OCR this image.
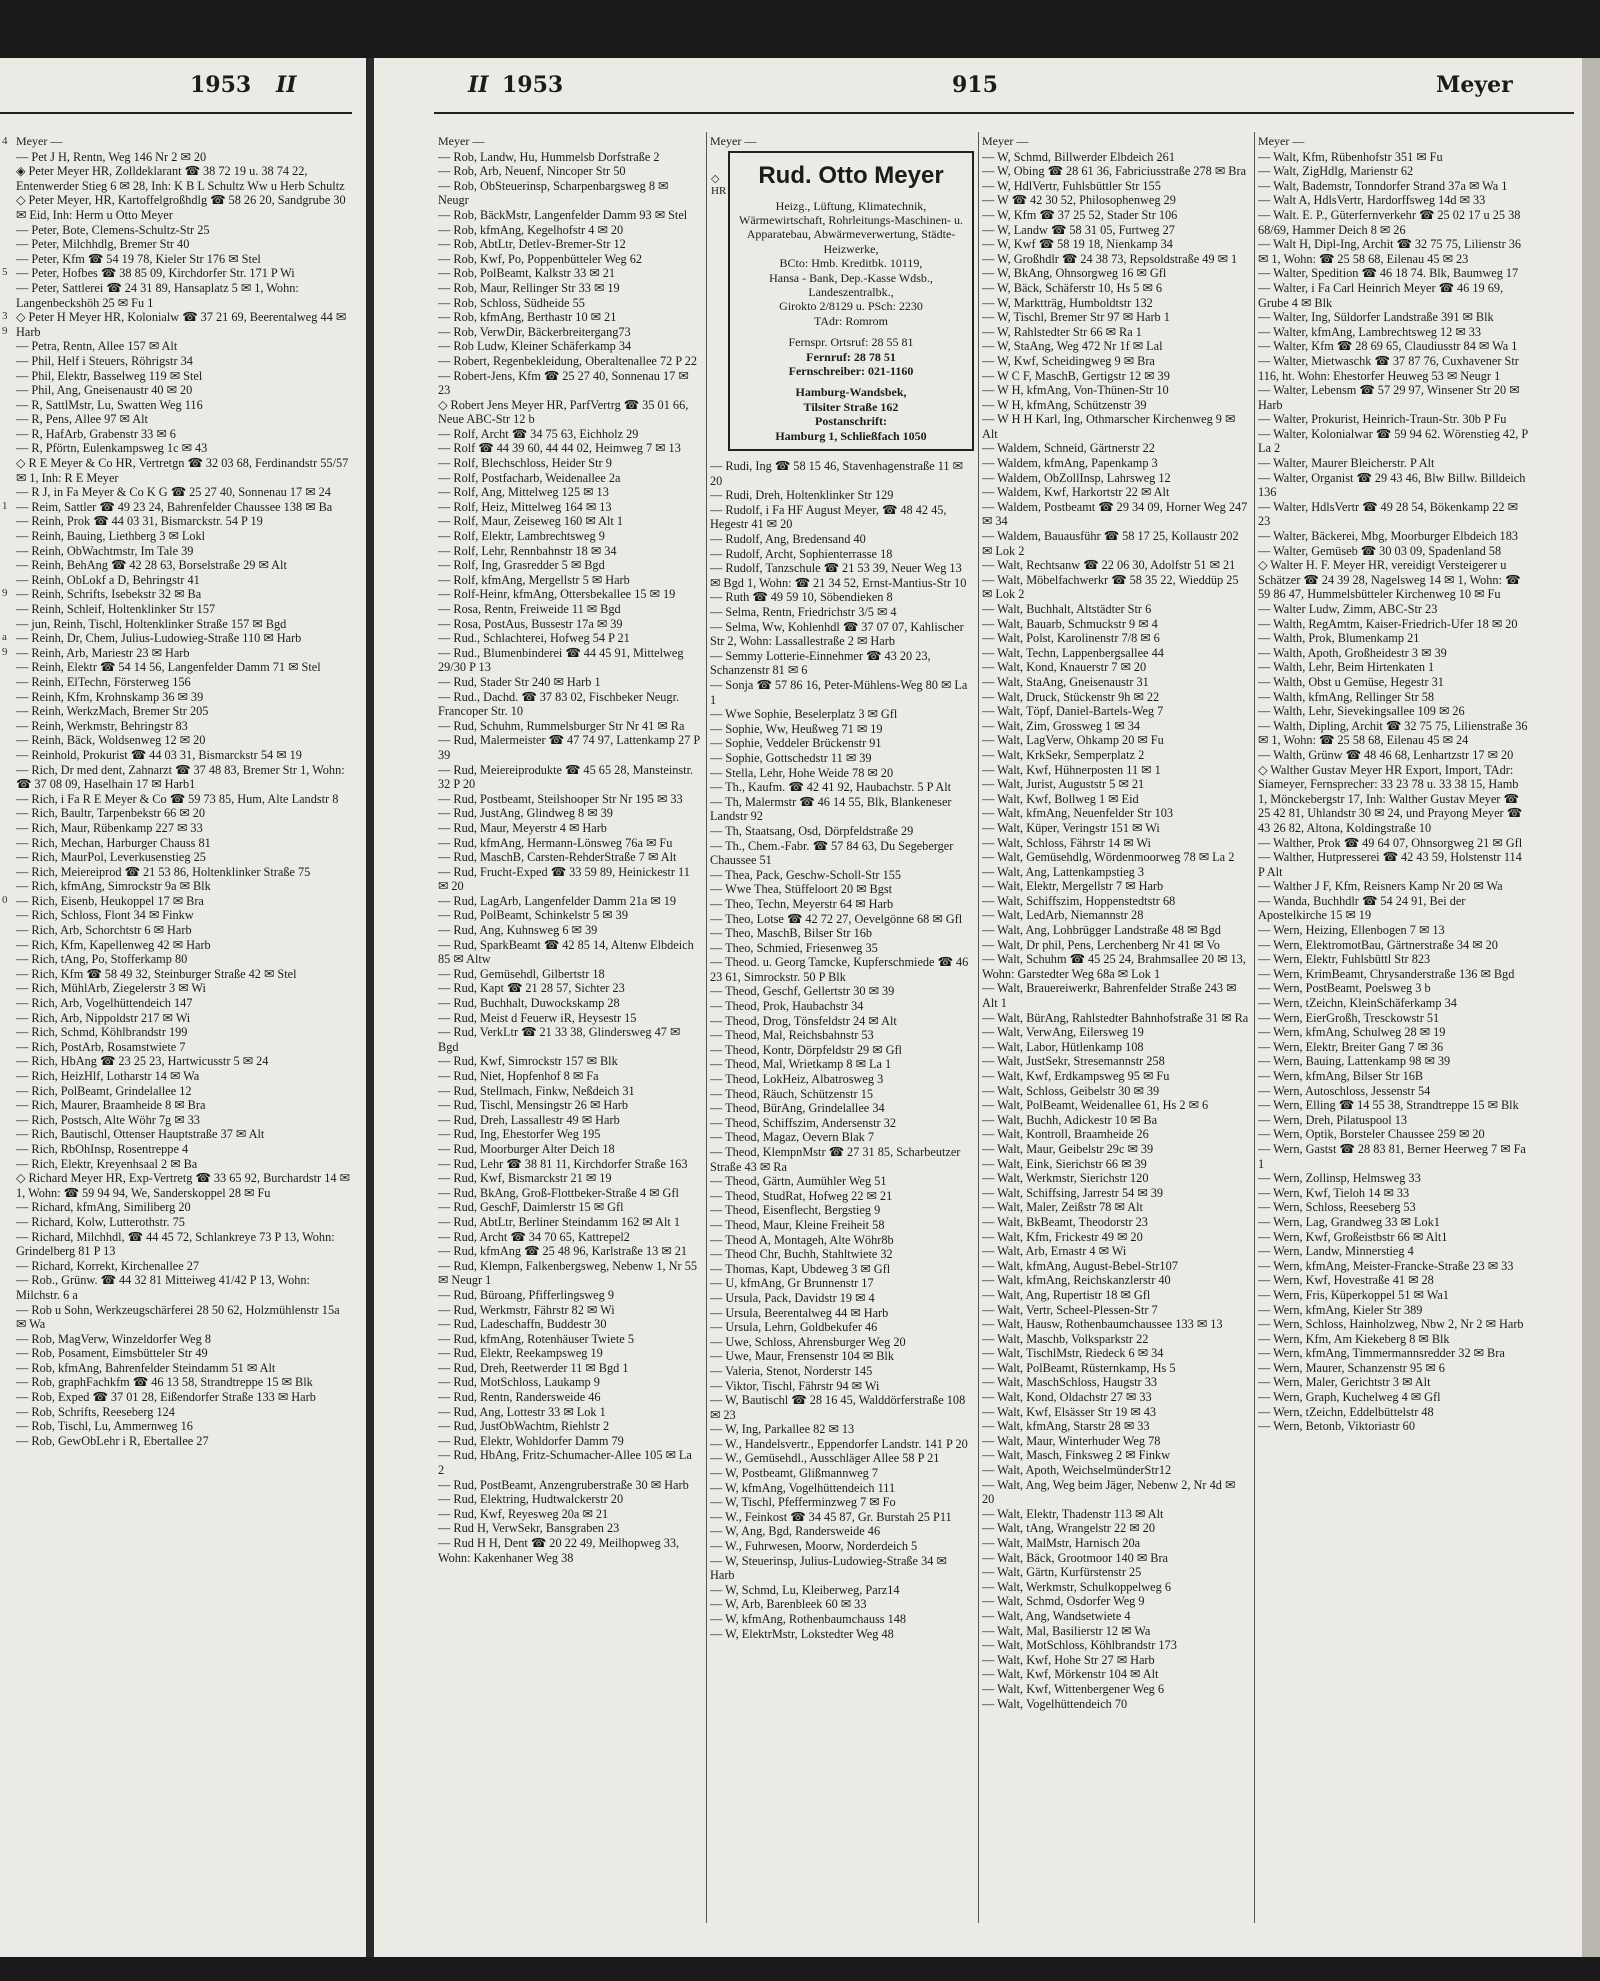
1953 II
4
5
3
9
1
9
a
9
0
Meyer —
— Pet J H, Rentn, Weg 146 Nr 2 ✉ 20
◈ Peter Meyer HR, Zolldeklarant ☎ 38 72 19 u. 38 74 22, Entenwerder Stieg 6 ✉ 28, Inh: K B L Schultz Ww u Herb Schultz
◇ Peter Meyer, HR, Kartoffelgroßhdlg ☎ 58 26 20, Sandgrube 30 ✉ Eid, Inh: Herm u Otto Meyer
— Peter, Bote, Clemens-Schultz-Str 25
— Peter, Milchhdlg, Bremer Str 40
— Peter, Kfm ☎ 54 19 78, Kieler Str 176 ✉ Stel
— Peter, Hofbes ☎ 38 85 09, Kirchdorfer Str. 171 P Wi
— Peter, Sattlerei ☎ 24 31 89, Hansaplatz 5 ✉ 1, Wohn: Langenbeckshöh 25 ✉ Fu 1
◇ Peter H Meyer HR, Kolonialw ☎ 37 21 69, Beerentalweg 44 ✉ Harb
— Petra, Rentn, Allee 157 ✉ Alt
— Phil, Helf i Steuers, Röhrigstr 34
— Phil, Elektr, Basselweg 119 ✉ Stel
— Phil, Ang, Gneisenaustr 40 ✉ 20
— R, SattlMstr, Lu, Swatten Weg 116
— R, Pens, Allee 97 ✉ Alt
— R, HafArb, Grabenstr 33 ✉ 6
— R, Pförtn, Eulenkampsweg 1c ✉ 43
◇ R E Meyer & Co HR, Vertretgn ☎ 32 03 68, Ferdinandstr 55/57 ✉ 1, Inh: R E Meyer
— R J, in Fa Meyer & Co K G ☎ 25 27 40, Sonnenau 17 ✉ 24
— Reim, Sattler ☎ 49 23 24, Bahrenfelder Chaussee 138 ✉ Ba
— Reinh, Prok ☎ 44 03 31, Bismarckstr. 54 P 19
— Reinh, Bauing, Liethberg 3 ✉ Lokl
— Reinh, ObWachtmstr, Im Tale 39
— Reinh, BehAng ☎ 42 28 63, Borselstraße 29 ✉ Alt
— Reinh, ObLokf a D, Behringstr 41
— Reinh, Schrifts, Isebekstr 32 ✉ Ba
— Reinh, Schleif, Holtenklinker Str 157
— jun, Reinh, Tischl, Holtenklinker Straße 157 ✉ Bgd
— Reinh, Dr, Chem, Julius-Ludowieg-Straße 110 ✉ Harb
— Reinh, Arb, Mariestr 23 ✉ Harb
— Reinh, Elektr ☎ 54 14 56, Langenfelder Damm 71 ✉ Stel
— Reinh, ElTechn, Försterweg 156
— Reinh, Kfm, Krohnskamp 36 ✉ 39
— Reinh, WerkzMach, Bremer Str 205
— Reinh, Werkmstr, Behringstr 83
— Reinh, Bäck, Woldsenweg 12 ✉ 20
— Reinhold, Prokurist ☎ 44 03 31, Bismarckstr 54 ✉ 19
— Rich, Dr med dent, Zahnarzt ☎ 37 48 83, Bremer Str 1, Wohn: ☎ 37 08 09, Haselhain 17 ✉ Harb1
— Rich, i Fa R E Meyer & Co ☎ 59 73 85, Hum, Alte Landstr 8
— Rich, Baultr, Tarpenbekstr 66 ✉ 20
— Rich, Maur, Rübenkamp 227 ✉ 33
— Rich, Mechan, Harburger Chauss 81
— Rich, MaurPol, Leverkusenstieg 25
— Rich, Meiereiprod ☎ 21 53 86, Holtenklinker Straße 75
— Rich, kfmAng, Simrockstr 9a ✉ Blk
— Rich, Eisenb, Heukoppel 17 ✉ Bra
— Rich, Schloss, Flont 34 ✉ Finkw
— Rich, Arb, Schorchtstr 6 ✉ Harb
— Rich, Kfm, Kapellenweg 42 ✉ Harb
— Rich, tAng, Po, Stofferkamp 80
— Rich, Kfm ☎ 58 49 32, Steinburger Straße 42 ✉ Stel
— Rich, MühlArb, Ziegelerstr 3 ✉ Wi
— Rich, Arb, Vogelhüttendeich 147
— Rich, Arb, Nippoldstr 217 ✉ Wi
— Rich, Schmd, Köhlbrandstr 199
— Rich, PostArb, Rosamstwiete 7
— Rich, HbAng ☎ 23 25 23, Hartwicusstr 5 ✉ 24
— Rich, HeizHlf, Lotharstr 14 ✉ Wa
— Rich, PolBeamt, Grindelallee 12
— Rich, Maurer, Braamheide 8 ✉ Bra
— Rich, Postsch, Alte Wöhr 7g ✉ 33
— Rich, Bautischl, Ottenser Hauptstraße 37 ✉ Alt
— Rich, RbOhInsp, Rosentreppe 4
— Rich, Elektr, Kreyenhsaal 2 ✉ Ba
◇ Richard Meyer HR, Exp-Vertretg ☎ 33 65 92, Burchardstr 14 ✉ 1, Wohn: ☎ 59 94 94, We, Sanderskoppel 28 ✉ Fu
— Richard, kfmAng, Similiberg 20
— Richard, Kolw, Lutterothstr. 75
— Richard, Milchhdl, ☎ 44 45 72, Schlankreye 73 P 13, Wohn: Grindelberg 81 P 13
— Richard, Korrekt, Kirchenallee 27
— Rob., Grünw. ☎ 44 32 81 Mitteiweg 41/42 P 13, Wohn: Milchstr. 6 a
— Rob u Sohn, Werkzeugschärferei 28 50 62, Holzmühlenstr 15a ✉ Wa
— Rob, MagVerw, Winzeldorfer Weg 8
— Rob, Posament, Eimsbütteler Str 49
— Rob, kfmAng, Bahrenfelder Steindamm 51 ✉ Alt
— Rob, graphFachkfm ☎ 46 13 58, Strandtreppe 15 ✉ Blk
— Rob, Exped ☎ 37 01 28, Eißendorfer Straße 133 ✉ Harb
— Rob, Schrifts, Reeseberg 124
— Rob, Tischl, Lu, Ammernweg 16
— Rob, GewObLehr i R, Ebertallee 27
II 1953	915	Meyer
Meyer —
— Rob, Landw, Hu, Hummelsb Dorfstraße 2
— Rob, Arb, Neuenf, Nincoper Str 50
— Rob, ObSteuerinsp, Scharpenbargsweg 8 ✉ Neugr
— Rob, BäckMstr, Langenfelder Damm 93 ✉ Stel
— Rob, kfmAng, Kegelhofstr 4 ✉ 20
— Rob, AbtLtr, Detlev-Bremer-Str 12
— Rob, Kwf, Po, Poppenbütteler Weg 62
— Rob, PolBeamt, Kalkstr 33 ✉ 21
— Rob, Maur, Rellinger Str 33 ✉ 19
— Rob, Schloss, Südheide 55
— Rob, kfmAng, Berthastr 10 ✉ 21
— Rob, VerwDir, Bäckerbreitergang73
— Rob Ludw, Kleiner Schäferkamp 34
— Robert, Regenbekleidung, Oberaltenallee 72 P 22
— Robert-Jens, Kfm ☎ 25 27 40, Sonnenau 17 ✉ 23
◇ Robert Jens Meyer HR, ParfVertrg ☎ 35 01 66, Neue ABC-Str 12 b
— Rolf, Archt ☎ 34 75 63, Eichholz 29
— Rolf ☎ 44 39 60, 44 44 02, Heimweg 7 ✉ 13
— Rolf, Blechschloss, Heider Str 9
— Rolf, Postfacharb, Weidenallee 2a
— Rolf, Ang, Mittelweg 125 ✉ 13
— Rolf, Heiz, Mittelweg 164 ✉ 13
— Rolf, Maur, Zeiseweg 160 ✉ Alt 1
— Rolf, Elektr, Lambrechtsweg 9
— Rolf, Lehr, Rennbahnstr 18 ✉ 34
— Rolf, Ing, Grasredder 5 ✉ Bgd
— Rolf, kfmAng, Mergellstr 5 ✉ Harb
— Rolf-Heinr, kfmAng, Ottersbekallee 15 ✉ 19
— Rosa, Rentn, Freiweide 11 ✉ Bgd
— Rosa, PostAus, Bussestr 17a ✉ 39
— Rud., Schlachterei, Hofweg 54 P 21
— Rud., Blumenbinderei ☎ 44 45 91, Mittelweg 29/30 P 13
— Rud, Stader Str 240 ✉ Harb 1
— Rud., Dachd. ☎ 37 83 02, Fischbeker Neugr. Francoper Str. 10
— Rud, Schuhm, Rummelsburger Str Nr 41 ✉ Ra
— Rud, Malermeister ☎ 47 74 97, Lattenkamp 27 P 39
— Rud, Meiereiprodukte ☎ 45 65 28, Mansteinstr. 32 P 20
— Rud, Postbeamt, Steilshooper Str Nr 195 ✉ 33
— Rud, JustAng, Glindweg 8 ✉ 39
— Rud, Maur, Meyerstr 4 ✉ Harb
— Rud, kfmAng, Hermann-Lönsweg 76a ✉ Fu
— Rud, MaschB, Carsten-RehderStraße 7 ✉ Alt
— Rud, Frucht-Exped ☎ 33 59 89, Heinickestr 11 ✉ 20
— Rud, LagArb, Langenfelder Damm 21a ✉ 19
— Rud, PolBeamt, Schinkelstr 5 ✉ 39
— Rud, Ang, Kuhnsweg 6 ✉ 39
— Rud, SparkBeamt ☎ 42 85 14, Altenw Elbdeich 85 ✉ Altw
— Rud, Gemüsehdl, Gilbertstr 18
— Rud, Kapt ☎ 21 28 57, Sichter 23
— Rud, Buchhalt, Duwockskamp 28
— Rud, Meist d Feuerw iR, Heysestr 15
— Rud, VerkLtr ☎ 21 33 38, Glindersweg 47 ✉ Bgd
— Rud, Kwf, Simrockstr 157 ✉ Blk
— Rud, Niet, Hopfenhof 8 ✉ Fa
— Rud, Stellmach, Finkw, Neßdeich 31
— Rud, Tischl, Mensingstr 26 ✉ Harb
— Rud, Dreh, Lassallestr 49 ✉ Harb
— Rud, Ing, Ehestorfer Weg 195
— Rud, Moorburger Alter Deich 18
— Rud, Lehr ☎ 38 81 11, Kirchdorfer Straße 163
— Rud, Kwf, Bismarckstr 21 ✉ 19
— Rud, BkAng, Groß-Flottbeker-Straße 4 ✉ Gfl
— Rud, GeschF, Daimlerstr 15 ✉ Gfl
— Rud, AbtLtr, Berliner Steindamm 162 ✉ Alt 1
— Rud, Archt ☎ 34 70 65, Kattrepel2
— Rud, kfmAng ☎ 25 48 96, Karlstraße 13 ✉ 21
— Rud, Klempn, Falkenbergsweg, Nebenw 1, Nr 55 ✉ Neugr 1
— Rud, Büroang, Pfifferlingsweg 9
— Rud, Werkmstr, Fährstr 82 ✉ Wi
— Rud, Ladeschaffn, Buddestr 30
— Rud, kfmAng, Rotenhäuser Twiete 5
— Rud, Elektr, Reekampsweg 19
— Rud, Dreh, Reetwerder 11 ✉ Bgd 1
— Rud, MotSchloss, Laukamp 9
— Rud, Rentn, Randersweide 46
— Rud, Ang, Lottestr 33 ✉ Lok 1
— Rud, JustObWachtm, Riehlstr 2
— Rud, Elektr, Wohldorfer Damm 79
— Rud, HbAng, Fritz-Schumacher-Allee 105 ✉ La 2
— Rud, PostBeamt, Anzengruberstraße 30 ✉ Harb
— Rud, Elektring, Hudtwalckerstr 20
— Rud, Kwf, Reyesweg 20a ✉ 21
— Rud H, VerwSekr, Bansgraben 23
— Rud H H, Dent ☎ 20 22 49, Meilhopweg 33, Wohn: Kakenhaner Weg 38
Meyer —
◇
HR
Rud. Otto Meyer
Heizg., Lüftung, Klimatechnik, Wärmewirtschaft, Rohrleitungs-Maschinen- u. Apparatebau, Abwärmeverwertung, Städte-Heizwerke,
BCto: Hmb. Kreditbk. 10119,
Hansa - Bank, Dep.-Kasse Wdsb., Landeszentralbk.,
Girokto 2/8129 u. PSch: 2230
TAdr: Romrom
Fernspr. Ortsruf: 28 55 81
Fernruf: 28 78 51
Fernschreiber: 021-1160
Hamburg-Wandsbek,
Tilsiter Straße 162
Postanschrift:
Hamburg 1, Schließfach 1050
— Rudi, Ing ☎ 58 15 46, Stavenhagenstraße 11 ✉ 20
— Rudi, Dreh, Holtenklinker Str 129
— Rudolf, i Fa HF August Meyer, ☎ 48 42 45, Hegestr 41 ✉ 20
— Rudolf, Ang, Bredensand 40
— Rudolf, Archt, Sophienterrasse 18
— Rudolf, Tanzschule ☎ 21 53 39, Neuer Weg 13 ✉ Bgd 1, Wohn: ☎ 21 34 52, Ernst-Mantius-Str 10
— Ruth ☎ 49 59 10, Söbendieken 8
— Selma, Rentn, Friedrichstr 3/5 ✉ 4
— Selma, Ww, Kohlenhdl ☎ 37 07 07, Kahlischer Str 2, Wohn: Lassallestraße 2 ✉ Harb
— Semmy Lotterie-Einnehmer ☎ 43 20 23, Schanzenstr 81 ✉ 6
— Sonja ☎ 57 86 16, Peter-Mühlens-Weg 80 ✉ La 1
— Wwe Sophie, Beselerplatz 3 ✉ Gfl
— Sophie, Ww, Heußweg 71 ✉ 19
— Sophie, Veddeler Brückenstr 91
— Sophie, Gottschedstr 11 ✉ 39
— Stella, Lehr, Hohe Weide 78 ✉ 20
— Th., Kaufm. ☎ 42 41 92, Haubachstr. 5 P Alt
— Th, Malermstr ☎ 46 14 55, Blk, Blankeneser Landstr 92
— Th, Staatsang, Osd, Dörpfeldstraße 29
— Th., Chem.-Fabr. ☎ 57 84 63, Du Segeberger Chaussee 51
— Thea, Pack, Geschw-Scholl-Str 155
— Wwe Thea, Stüffeloort 20 ✉ Bgst
— Theo, Techn, Meyerstr 64 ✉ Harb
— Theo, Lotse ☎ 42 72 27, Oevelgönne 68 ✉ Gfl
— Theo, MaschB, Bilser Str 16b
— Theo, Schmied, Friesenweg 35
— Theod. u. Georg Tamcke, Kupferschmiede ☎ 46 23 61, Simrockstr. 50 P Blk
— Theod, Geschf, Gellertstr 30 ✉ 39
— Theod, Prok, Haubachstr 34
— Theod, Drog, Tönsfeldstr 24 ✉ Alt
— Theod, Mal, Reichsbahnstr 53
— Theod, Kontr, Dörpfeldstr 29 ✉ Gfl
— Theod, Mal, Wrietkamp 8 ✉ La 1
— Theod, LokHeiz, Albatrosweg 3
— Theod, Räuch, Schützenstr 15
— Theod, BürAng, Grindelallee 34
— Theod, Schiffszim, Andersenstr 32
— Theod, Magaz, Oevern Blak 7
— Theod, KlempnMstr ☎ 27 31 85, Scharbeutzer Straße 43 ✉ Ra
— Theod, Gärtn, Aumühler Weg 51
— Theod, StudRat, Hofweg 22 ✉ 21
— Theod, Eisenflecht, Bergstieg 9
— Theod, Maur, Kleine Freiheit 58
— Theod A, Montageh, Alte Wöhr8b
— Theod Chr, Buchh, Stahltwiete 32
— Thomas, Kapt, Ubdeweg 3 ✉ Gfl
— U, kfmAng, Gr Brunnenstr 17
— Ursula, Pack, Davidstr 19 ✉ 4
— Ursula, Beerentalweg 44 ✉ Harb
— Ursula, Lehrn, Goldbekufer 46
— Uwe, Schloss, Ahrensburger Weg 20
— Uwe, Maur, Frensenstr 104 ✉ Blk
— Valeria, Stenot, Norderstr 145
— Viktor, Tischl, Fährstr 94 ✉ Wi
— W, Bautischl ☎ 28 16 45, Walddörferstraße 108 ✉ 23
— W, Ing, Parkallee 82 ✉ 13
— W., Handelsvertr., Eppendorfer Landstr. 141 P 20
— W., Gemüsehdl., Ausschläger Allee 58 P 21
— W, Postbeamt, Glißmannweg 7
— W, kfmAng, Vogelhüttendeich 111
— W, Tischl, Pfefferminzweg 7 ✉ Fo
— W., Feinkost ☎ 34 45 87, Gr. Burstah 25 P11
— W, Ang, Bgd, Randersweide 46
— W., Fuhrwesen, Moorw, Norderdeich 5
— W, Steuerinsp, Julius-Ludowieg-Straße 34 ✉ Harb
— W, Schmd, Lu, Kleiberweg, Parz14
— W, Arb, Barenbleek 60 ✉ 33
— W, kfmAng, Rothenbaumchauss 148
— W, ElektrMstr, Lokstedter Weg 48
Meyer —
— W, Schmd, Billwerder Elbdeich 261
— W, Obing ☎ 28 61 36, Fabriciusstraße 278 ✉ Bra
— W, HdlVertr, Fuhlsbüttler Str 155
— W ☎ 42 30 52, Philosophenweg 29
— W, Kfm ☎ 37 25 52, Stader Str 106
— W, Landw ☎ 58 31 05, Furtweg 27
— W, Kwf ☎ 58 19 18, Nienkamp 34
— W, Großhdlr ☎ 24 38 73, Repsoldstraße 49 ✉ 1
— W, BkAng, Ohnsorgweg 16 ✉ Gfl
— W, Bäck, Schäferstr 10, Hs 5 ✉ 6
— W, Marktträg, Humboldtstr 132
— W, Tischl, Bremer Str 97 ✉ Harb 1
— W, Rahlstedter Str 66 ✉ Ra 1
— W, StaAng, Weg 472 Nr 1f ✉ Lal
— W, Kwf, Scheidingweg 9 ✉ Bra
— W C F, MaschB, Gertigstr 12 ✉ 39
— W H, kfmAng, Von-Thünen-Str 10
— W H, kfmAng, Schützenstr 39
— W H H Karl, Ing, Othmarscher Kirchenweg 9 ✉ Alt
— Waldem, Schneid, Gärtnerstr 22
— Waldem, kfmAng, Papenkamp 3
— Waldem, ObZollInsp, Lahrsweg 12
— Waldem, Kwf, Harkortstr 22 ✉ Alt
— Waldem, Postbeamt ☎ 29 34 09, Horner Weg 247 ✉ 34
— Waldem, Bauausführ ☎ 58 17 25, Kollaustr 202 ✉ Lok 2
— Walt, Rechtsanw ☎ 22 06 30, Adolfstr 51 ✉ 21
— Walt, Möbelfachwerkr ☎ 58 35 22, Wieddüp 25 ✉ Lok 2
— Walt, Buchhalt, Altstädter Str 6
— Walt, Bauarb, Schmuckstr 9 ✉ 4
— Walt, Polst, Karolinenstr 7/8 ✉ 6
— Walt, Techn, Lappenbergsallee 44
— Walt, Kond, Knauerstr 7 ✉ 20
— Walt, StaAng, Gneisenaustr 31
— Walt, Druck, Stückenstr 9h ✉ 22
— Walt, Töpf, Daniel-Bartels-Weg 7
— Walt, Zim, Grossweg 1 ✉ 34
— Walt, LagVerw, Ohkamp 20 ✉ Fu
— Walt, KrkSekr, Semperplatz 2
— Walt, Kwf, Hühnerposten 11 ✉ 1
— Walt, Jurist, Auguststr 5 ✉ 21
— Walt, Kwf, Bollweg 1 ✉ Eid
— Walt, kfmAng, Neuenfelder Str 103
— Walt, Küper, Veringstr 151 ✉ Wi
— Walt, Schloss, Fährstr 14 ✉ Wi
— Walt, Gemüsehdlg, Wördenmoorweg 78 ✉ La 2
— Walt, Ang, Lattenkampstieg 3
— Walt, Elektr, Mergellstr 7 ✉ Harb
— Walt, Schiffszim, Hoppenstedtstr 68
— Walt, LedArb, Niemannstr 28
— Walt, Ang, Lohbrügger Landstraße 48 ✉ Bgd
— Walt, Dr phil, Pens, Lerchenberg Nr 41 ✉ Vo
— Walt, Schuhm ☎ 45 25 24, Brahmsallee 20 ✉ 13, Wohn: Garstedter Weg 68a ✉ Lok 1
— Walt, Brauereiwerkr, Bahrenfelder Straße 243 ✉ Alt 1
— Walt, BürAng, Rahlstedter Bahnhofstraße 31 ✉ Ra
— Walt, VerwAng, Eilersweg 19
— Walt, Labor, Hütlenkamp 108
— Walt, JustSekr, Stresemannstr 258
— Walt, Kwf, Erdkampsweg 95 ✉ Fu
— Walt, Schloss, Geibelstr 30 ✉ 39
— Walt, PolBeamt, Weidenallee 61, Hs 2 ✉ 6
— Walt, Buchh, Adickestr 10 ✉ Ba
— Walt, Kontroll, Braamheide 26
— Walt, Maur, Geibelstr 29c ✉ 39
— Walt, Eink, Sierichstr 66 ✉ 39
— Walt, Werkmstr, Sierichstr 120
— Walt, Schiffsing, Jarrestr 54 ✉ 39
— Walt, Maler, Zeißstr 78 ✉ Alt
— Walt, BkBeamt, Theodorstr 23
— Walt, Kfm, Frickestr 49 ✉ 20
— Walt, Arb, Ernastr 4 ✉ Wi
— Walt, kfmAng, August-Bebel-Str107
— Walt, kfmAng, Reichskanzlerstr 40
— Walt, Ang, Rupertistr 18 ✉ Gfl
— Walt, Vertr, Scheel-Plessen-Str 7
— Walt, Hausw, Rothenbaumchaussee 133 ✉ 13
— Walt, Maschb, Volksparkstr 22
— Walt, TischlMstr, Riedeck 6 ✉ 34
— Walt, PolBeamt, Rüsternkamp, Hs 5
— Walt, MaschSchloss, Haugstr 33
— Walt, Kond, Oldachstr 27 ✉ 33
— Walt, Kwf, Elsässer Str 19 ✉ 43
— Walt, kfmAng, Starstr 28 ✉ 33
— Walt, Maur, Winterhuder Weg 78
— Walt, Masch, Finksweg 2 ✉ Finkw
— Walt, Apoth, WeichselmünderStr12
— Walt, Ang, Weg beim Jäger, Nebenw 2, Nr 4d ✉ 20
— Walt, Elektr, Thadenstr 113 ✉ Alt
— Walt, tAng, Wrangelstr 22 ✉ 20
— Walt, MalMstr, Harnisch 20a
— Walt, Bäck, Grootmoor 140 ✉ Bra
— Walt, Gärtn, Kurfürstenstr 25
— Walt, Werkmstr, Schulkoppelweg 6
— Walt, Schmd, Osdorfer Weg 9
— Walt, Ang, Wandsetwiete 4
— Walt, Mal, Basilierstr 12 ✉ Wa
— Walt, MotSchloss, Köhlbrandstr 173
— Walt, Kwf, Hohe Str 27 ✉ Harb
— Walt, Kwf, Mörkenstr 104 ✉ Alt
— Walt, Kwf, Wittenbergener Weg 6
— Walt, Vogelhüttendeich 70
Meyer —
— Walt, Kfm, Rübenhofstr 351 ✉ Fu
— Walt, ZigHdlg, Marienstr 62
— Walt, Bademstr, Tonndorfer Strand 37a ✉ Wa 1
— Walt A, HdlsVertr, Hardorffsweg 14d ✉ 33
— Walt. E. P., Güterfernverkehr ☎ 25 02 17 u 25 38 68/69, Hammer Deich 8 ✉ 26
— Walt H, Dipl-Ing, Archit ☎ 32 75 75, Lilienstr 36 ✉ 1, Wohn: ☎ 25 58 68, Eilenau 45 ✉ 23
— Walter, Spedition ☎ 46 18 74. Blk, Baumweg 17
— Walter, i Fa Carl Heinrich Meyer ☎ 46 19 69, Grube 4 ✉ Blk
— Walter, Ing, Süldorfer Landstraße 391 ✉ Blk
— Walter, kfmAng, Lambrechtsweg 12 ✉ 33
— Walter, Kfm ☎ 28 69 65, Claudiusstr 84 ✉ Wa 1
— Walter, Mietwaschk ☎ 37 87 76, Cuxhavener Str 116, ht. Wohn: Ehestorfer Heuweg 53 ✉ Neugr 1
— Walter, Lebensm ☎ 57 29 97, Winsener Str 20 ✉ Harb
— Walter, Prokurist, Heinrich-Traun-Str. 30b P Fu
— Walter, Kolonialwar ☎ 59 94 62. Wörenstieg 42, P La 2
— Walter, Maurer Bleicherstr. P Alt
— Walter, Organist ☎ 29 43 46, Blw Billw. Billdeich 136
— Walter, HdlsVertr ☎ 49 28 54, Bökenkamp 22 ✉ 23
— Walter, Bäckerei, Mbg, Moorburger Elbdeich 183
— Walter, Gemüseb ☎ 30 03 09, Spadenland 58
◇ Walter H. F. Meyer HR, vereidigt Versteigerer u Schätzer ☎ 24 39 28, Nagelsweg 14 ✉ 1, Wohn: ☎ 59 86 47, Hummelsbütteler Kirchenweg 10 ✉ Fu
— Walter Ludw, Zimm, ABC-Str 23
— Walth, RegAmtm, Kaiser-Friedrich-Ufer 18 ✉ 20
— Walth, Prok, Blumenkamp 21
— Walth, Apoth, Großheidestr 3 ✉ 39
— Walth, Lehr, Beim Hirtenkaten 1
— Walth, Obst u Gemüse, Hegestr 31
— Walth, kfmAng, Rellinger Str 58
— Walth, Lehr, Sievekingsallee 109 ✉ 26
— Walth, Dipling, Archit ☎ 32 75 75, Lilienstraße 36 ✉ 1, Wohn: ☎ 25 58 68, Eilenau 45 ✉ 24
— Walth, Grünw ☎ 48 46 68, Lenhartzstr 17 ✉ 20
◇ Walther Gustav Meyer HR Export, Import, TAdr: Siameyer, Fernsprecher: 33 23 78 u. 33 38 15, Hamb 1, Mönckebergstr 17, Inh: Walther Gustav Meyer ☎ 25 42 81, Uhlandstr 30 ✉ 24, und Prayong Meyer ☎ 43 26 82, Altona, Koldingstraße 10
— Walther, Prok ☎ 49 64 07, Ohnsorgweg 21 ✉ Gfl
— Walther, Hutpresserei ☎ 42 43 59, Holstenstr 114 P Alt
— Walther J F, Kfm, Reisners Kamp Nr 20 ✉ Wa
— Wanda, Buchhdlr ☎ 54 24 91, Bei der Apostelkirche 15 ✉ 19
— Wern, Heizing, Ellenbogen 7 ✉ 13
— Wern, ElektromotBau, Gärtnerstraße 34 ✉ 20
— Wern, Elektr, Fuhlsbüttl Str 823
— Wern, KrimBeamt, Chrysanderstraße 136 ✉ Bgd
— Wern, PostBeamt, Poelsweg 3 b
— Wern, tZeichn, KleinSchäferkamp 34
— Wern, EierGroßh, Tresckowstr 51
— Wern, kfmAng, Schulweg 28 ✉ 19
— Wern, Elektr, Breiter Gang 7 ✉ 36
— Wern, Bauing, Lattenkamp 98 ✉ 39
— Wern, kfmAng, Bilser Str 16B
— Wern, Autoschloss, Jessenstr 54
— Wern, Elling ☎ 14 55 38, Strandtreppe 15 ✉ Blk
— Wern, Dreh, Pilatuspool 13
— Wern, Optik, Borsteler Chaussee 259 ✉ 20
— Wern, Gastst ☎ 28 83 81, Berner Heerweg 7 ✉ Fa 1
— Wern, Zollinsp, Helmsweg 33
— Wern, Kwf, Tieloh 14 ✉ 33
— Wern, Schloss, Reeseberg 53
— Wern, Lag, Grandweg 33 ✉ Lok1
— Wern, Kwf, Großeistbstr 66 ✉ Alt1
— Wern, Landw, Minnerstieg 4
— Wern, kfmAng, Meister-Francke-Straße 23 ✉ 33
— Wern, Kwf, Hovestraße 41 ✉ 28
— Wern, Fris, Küperkoppel 51 ✉ Wa1
— Wern, kfmAng, Kieler Str 389
— Wern, Schloss, Hainholzweg, Nbw 2, Nr 2 ✉ Harb
— Wern, Kfm, Am Kiekeberg 8 ✉ Blk
— Wern, kfmAng, Timmermannsredder 32 ✉ Bra
— Wern, Maurer, Schanzenstr 95 ✉ 6
— Wern, Maler, Gerichtstr 3 ✉ Alt
— Wern, Graph, Kuchelweg 4 ✉ Gfl
— Wern, tZeichn, Eddelbüttelstr 48
— Wern, Betonb, Viktoriastr 60
